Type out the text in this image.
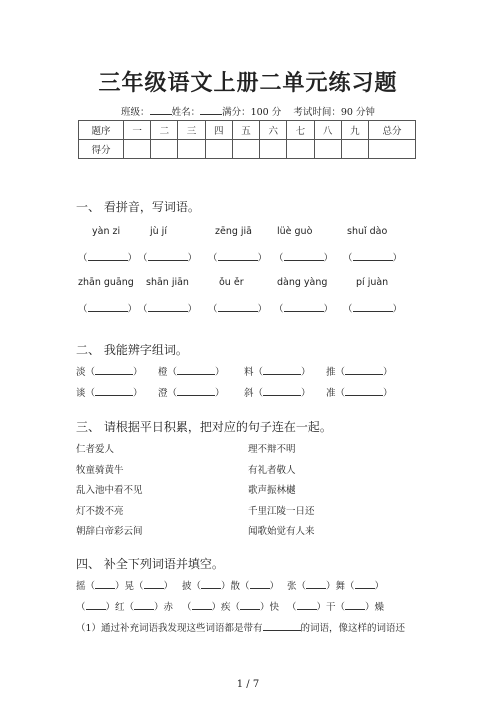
三年级语文上册二单元练习题
班级： 姓名： 满分：100 分 考试时间：90 分钟
题序	一	二	三	四	五	六	七	八	九	总分
得分										
一、 看拼音，写词语。
yàn zi	jù jí	zēng jiā	lüè guò	shuǐ dào
（	） （	） （	） （	） （	）
zhān guāng shān jiān	ǒu ěr	dàng yàng	pí juàn
（	） （	） （	） （	） （	）
二、 我能辨字组词。
淡（	） 橙（	） 料（	） 推（	）
谈（	） 澄（	） 斜（	） 准（	）
三、 请根据平日积累，把对应的句子连在一起。
仁者爱人
牧童骑黄牛
乱入池中看不见
灯不拨不亮
朝辞白帝彩云间
理不辩不明
有礼者敬人
歌声振林樾
千里江陵一日还
闻歌始觉有人来
四、 补全下列词语并填空。
摇（ ）晃（ ） 披（ ）散（ ） 张（ ）舞（ ）
（ ）红（ ）赤 （ ）疾（ ）快 （ ）干（ ）燥
（1）通过补充词语我发现这些词语都是带有	的词语，像这样的词语还
1 / 7
